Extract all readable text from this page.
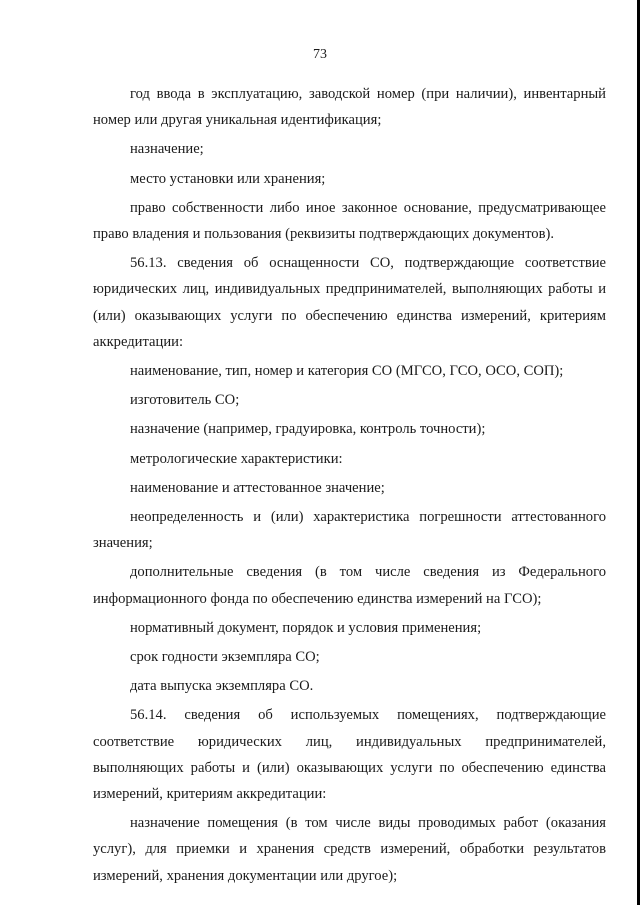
73

год ввода в эксплуатацию, заводской номер (при наличии), инвентарный номер или другая уникальная идентификация;

назначение;

место установки или хранения;

право собственности либо иное законное основание, предусматривающее право владения и пользования (реквизиты подтверждающих документов).

56.13. сведения об оснащенности СО, подтверждающие соответствие юридических лиц, индивидуальных предпринимателей, выполняющих работы и (или) оказывающих услуги по обеспечению единства измерений, критериям аккредитации:

наименование, тип, номер и категория СО (МГСО, ГСО, ОСО, СОП);

изготовитель СО;

назначение (например, градуировка, контроль точности);

метрологические характеристики:

наименование и аттестованное значение;

неопределенность и (или) характеристика погрешности аттестованного значения;

дополнительные сведения (в том числе сведения из Федерального информационного фонда по обеспечению единства измерений на ГСО);

нормативный документ, порядок и условия применения;

срок годности экземпляра СО;

дата выпуска экземпляра СО.

56.14. сведения об используемых помещениях, подтверждающие соответствие юридических лиц, индивидуальных предпринимателей, выполняющих работы и (или) оказывающих услуги по обеспечению единства измерений, критериям аккредитации:

назначение помещения (в том числе виды проводимых работ (оказания услуг), для приемки и хранения средств измерений, обработки результатов измерений, хранения документации или другое);
